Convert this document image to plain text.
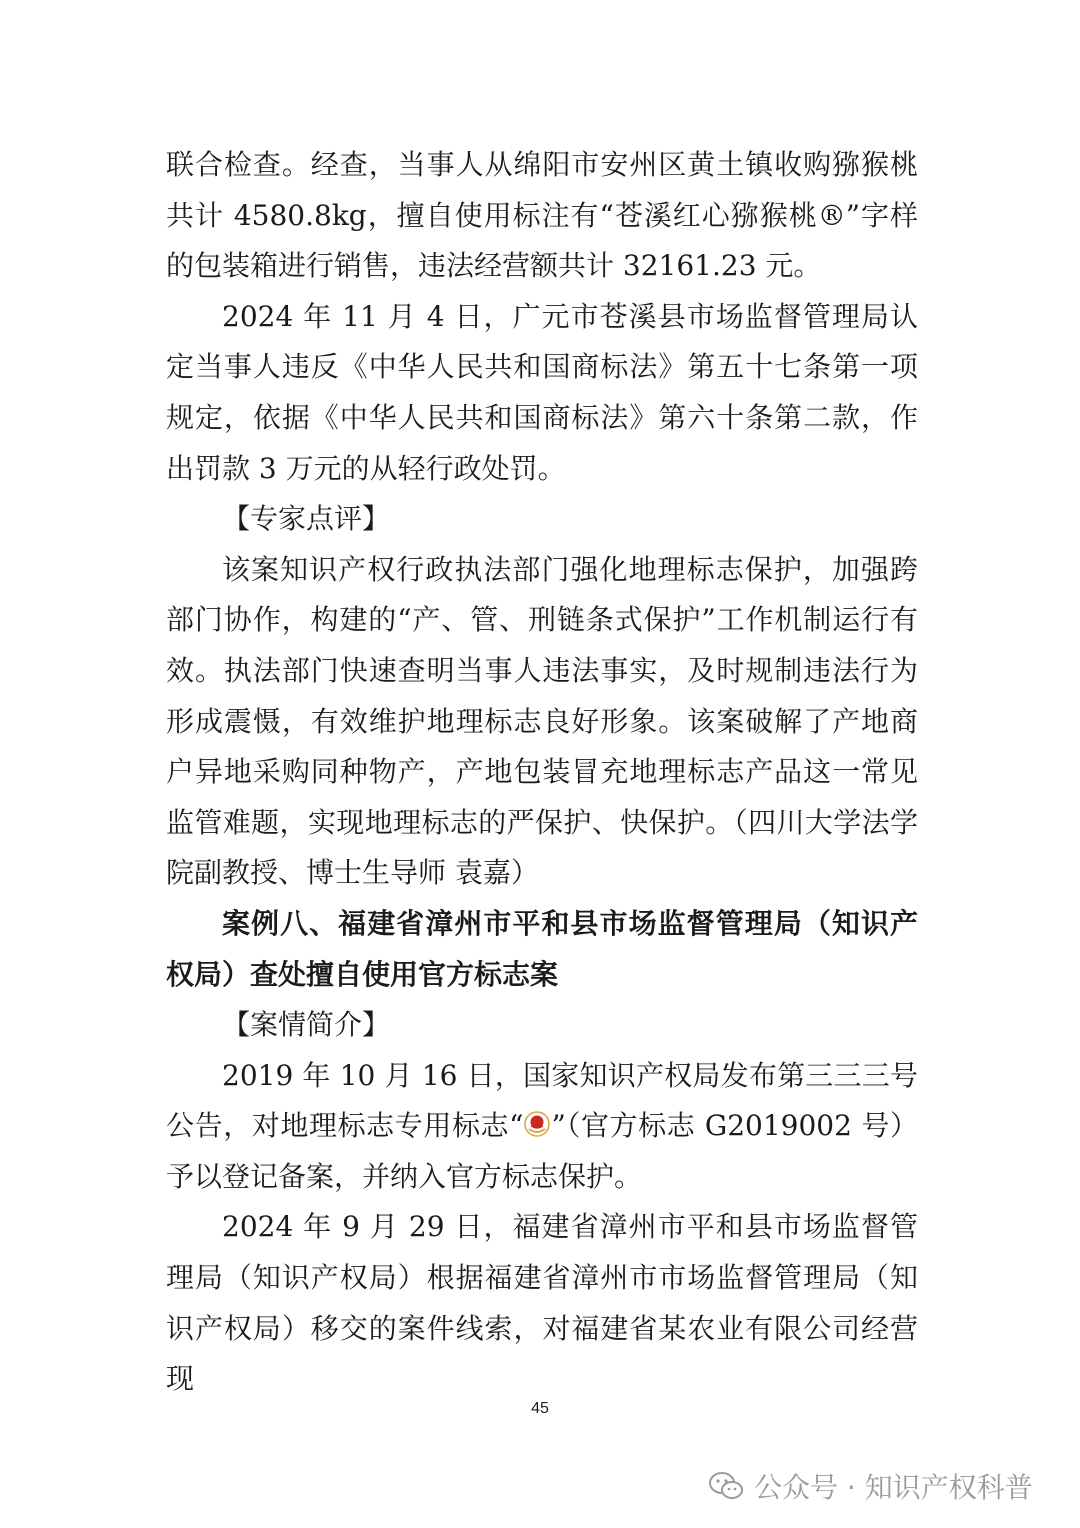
联合检查。经查，当事人从绵阳市安州区黄土镇收购猕猴桃共计 4580.8kg，擅自使用标注有“苍溪红心猕猴桃®”字样的包装箱进行销售，违法经营额共计 32161.23 元。

2024 年 11 月 4 日，广元市苍溪县市场监督管理局认定当事人违反《中华人民共和国商标法》第五十七条第一项规定，依据《中华人民共和国商标法》第六十条第二款，作出罚款 3 万元的从轻行政处罚。

【专家点评】

该案知识产权行政执法部门强化地理标志保护，加强跨部门协作，构建的“产、管、刑链条式保护”工作机制运行有效。执法部门快速查明当事人违法事实，及时规制违法行为形成震慑，有效维护地理标志良好形象。该案破解了产地商户异地采购同种物产，产地包装冒充地理标志产品这一常见监管难题，实现地理标志的严保护、快保护。（四川大学法学院副教授、博士生导师 袁嘉）

案例八、福建省漳州市平和县市场监督管理局（知识产权局）查处擅自使用官方标志案

【案情简介】

2019 年 10 月 16 日，国家知识产权局发布第三三三号公告，对地理标志专用标志“ ”（官方标志 G2019002 号）予以登记备案，并纳入官方标志保护。

2024 年 9 月 29 日，福建省漳州市平和县市场监督管理局（知识产权局）根据福建省漳州市市场监督管理局（知识产权局）移交的案件线索，对福建省某农业有限公司经营现

45
公众号 · 知识产权科普
